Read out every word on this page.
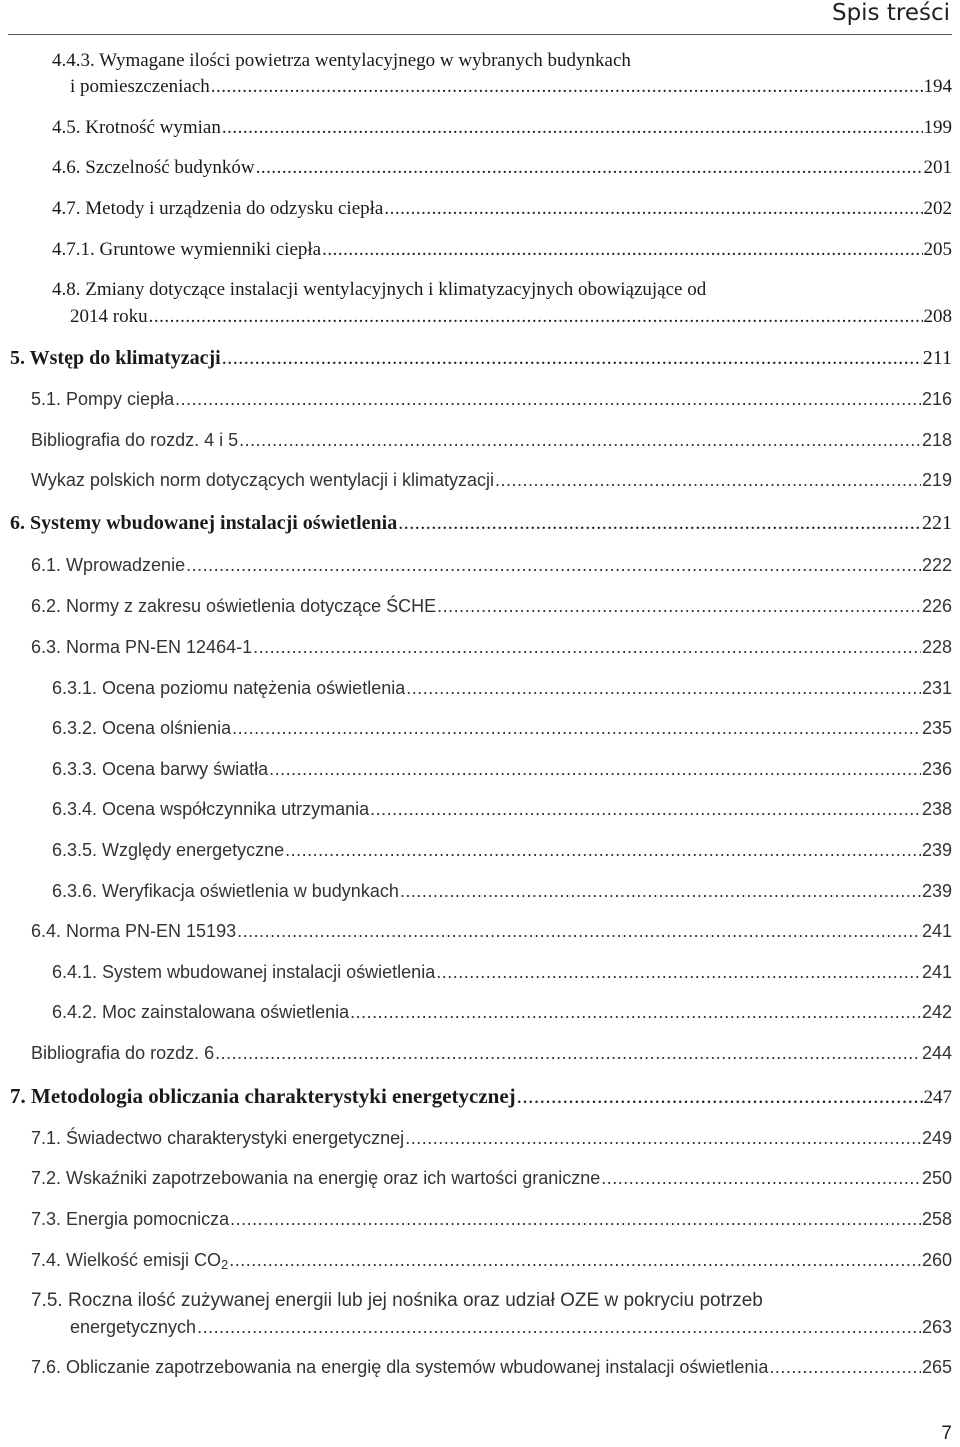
Spis treści
4.4.3. Wymagane ilości powietrza wentylacyjnego w wybranych budynkach
i pomieszczeniach .....	194
4.5. Krotność wymian .....	199
4.6. Szczelność budynków .....	201
4.7. Metody i urządzenia do odzysku ciepła .....	202
4.7.1. Gruntowe wymienniki ciepła .....	205
4.8. Zmiany dotyczące instalacji wentylacyjnych i klimatyzacyjnych obowiązujące od
2014 roku .....	208
5. Wstęp do klimatyzacji .....	211
5.1. Pompy ciepła .....	216
Bibliografia do rozdz. 4 i 5 .....	218
Wykaz polskich norm dotyczących wentylacji i klimatyzacji .....	219
6. Systemy wbudowanej instalacji oświetlenia .....	221
6.1. Wprowadzenie .....	222
6.2. Normy z zakresu oświetlenia dotyczące ŚCHE .....	226
6.3. Norma PN-EN 12464-1 .....	228
6.3.1. Ocena poziomu natężenia oświetlenia .....	231
6.3.2. Ocena olśnienia .....	235
6.3.3. Ocena barwy światła .....	236
6.3.4. Ocena współczynnika utrzymania .....	238
6.3.5. Względy energetyczne .....	239
6.3.6. Weryfikacja oświetlenia w budynkach .....	239
6.4. Norma PN-EN 15193 .....	241
6.4.1. System wbudowanej instalacji oświetlenia .....	241
6.4.2. Moc zainstalowana oświetlenia .....	242
Bibliografia do rozdz. 6 .....	244
7. Metodologia obliczania charakterystyki energetycznej .....	247
7.1. Świadectwo charakterystyki energetycznej .....	249
7.2. Wskaźniki zapotrzebowania na energię oraz ich wartości graniczne .....	250
7.3. Energia pomocnicza .....	258
7.4. Wielkość emisji $CO_2$ .....	260
7.5. Roczna ilość zużywanej energii lub jej nośnika oraz udział OZE w pokryciu potrzeb
energetycznych .....	263
7.6. Obliczanie zapotrzebowania na energię dla systemów wbudowanej instalacji oświetlenia .....	265
7
